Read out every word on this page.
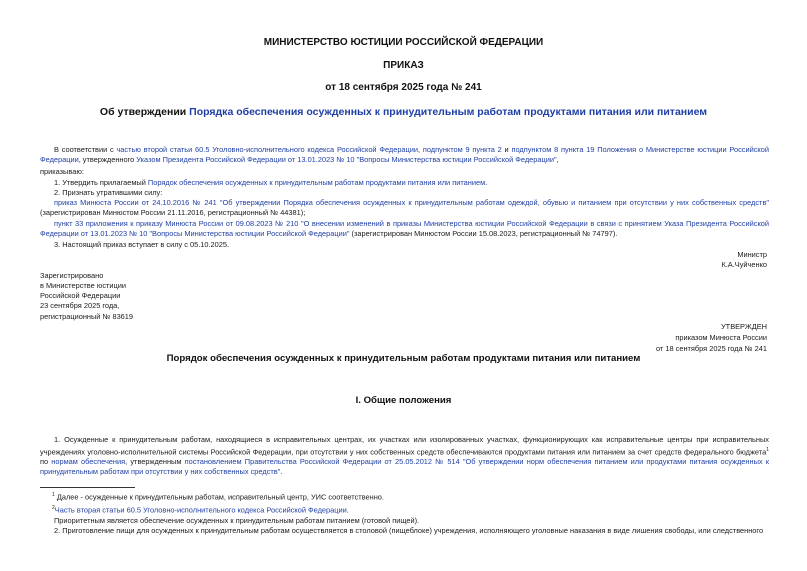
МИНИСТЕРСТВО ЮСТИЦИИ РОССИЙСКОЙ ФЕДЕРАЦИИ
ПРИКАЗ
от 18 сентября 2025 года № 241
Об утверждении Порядка обеспечения осужденных к принудительным работам продуктами питания или питанием
В соответствии с частью второй статьи 60.5 Уголовно-исполнительного кодекса Российской Федерации, подпунктом 9 пункта 2 и подпунктом 8 пункта 19 Положения о Министерстве юстиции Российской Федерации, утвержденного Указом Президента Российской Федерации от 13.01.2023 № 10 "Вопросы Министерства юстиции Российской Федерации",
приказываю:
1. Утвердить прилагаемый Порядок обеспечения осужденных к принудительным работам продуктами питания или питанием.
2. Признать утратившими силу:
приказ Минюста России от 24.10.2016 № 241 "Об утверждении Порядка обеспечения осужденных к принудительным работам одеждой, обувью и питанием при отсутствии у них собственных средств" (зарегистрирован Минюстом России 21.11.2016, регистрационный № 44381);
пункт 33 приложения к приказу Минюста России от 09.08.2023 № 210 "О внесении изменений в приказы Министерства юстиции Российской Федерации в связи с принятием Указа Президента Российской Федерации от 13.01.2023 № 10 "Вопросы Министерства юстиции Российской Федерации" (зарегистрирован Минюстом России 15.08.2023, регистрационный № 74797).
3. Настоящий приказ вступает в силу с 05.10.2025.
Министр
К.А.Чуйченко
Зарегистрировано
в Министерстве юстиции
Российской Федерации
23 сентября 2025 года,
регистрационный № 83619
УТВЕРЖДЕН
приказом Минюста России
от 18 сентября 2025 года № 241
Порядок обеспечения осужденных к принудительным работам продуктами питания или питанием
I. Общие положения
1. Осужденные к принудительным работам, находящиеся в исправительных центрах, их участках или изолированных участках, функционирующих как исправительные центры при исправительных учреждениях уголовно-исполнительной системы Российской Федерации, при отсутствии у них собственных средств обеспечиваются продуктами питания или питанием за счет средств федерального бюджета$^1$ по нормам обеспечения, утвержденным постановлением Правительства Российской Федерации от 25.05.2012 № 514 "Об утверждении норм обеспечения питанием или продуктами питания осужденных к принудительным работам при отсутствии у них собственных средств".
$^1$ Далее - осужденные к принудительным работам, исправительный центр, УИС соответственно.
$^2$Часть вторая статьи 60.5 Уголовно-исполнительного кодекса Российской Федерации.
Приоритетным является обеспечение осужденных к принудительным работам питанием (готовой пищей).
2. Приготовление пищи для осужденных к принудительным работам осуществляется в столовой (пищеблоке) учреждения, исполняющего уголовные наказания в виде лишения свободы, или следственного
